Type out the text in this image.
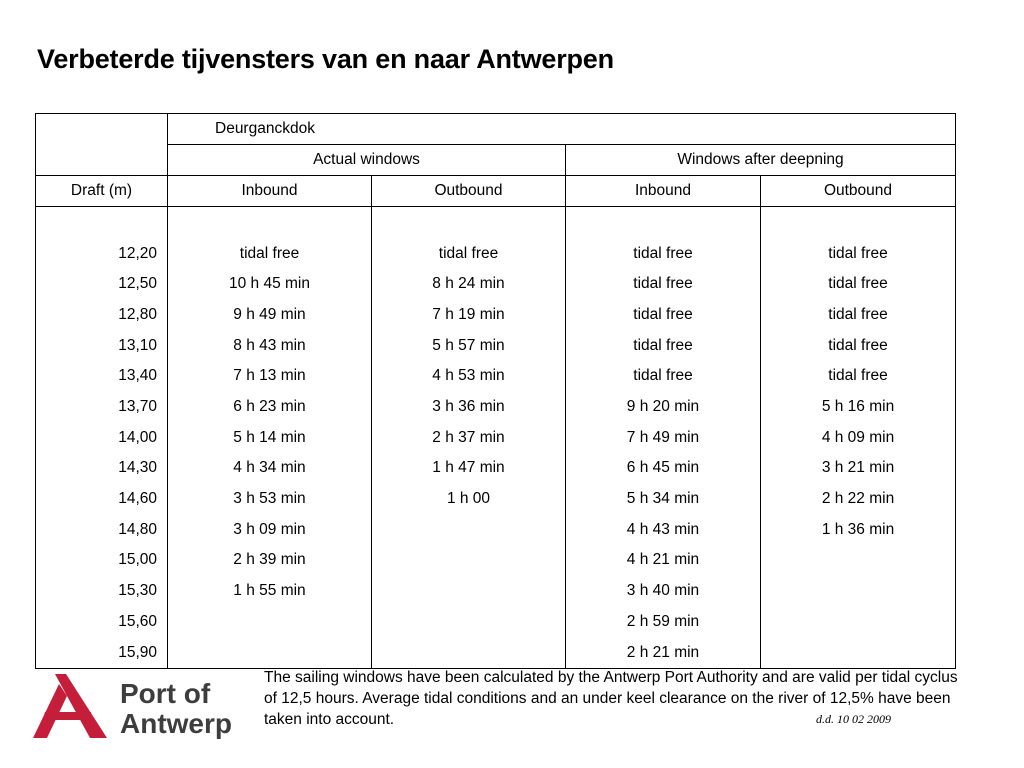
Verbeterde tijvensters van en naar Antwerpen
	Deurganckdok			
	Actual windows		Windows after deepning	
Draft (m)	Inbound	Outbound	Inbound	Outbound
12,20	tidal free	tidal free	tidal free	tidal free
12,50	10 h 45 min	8 h 24 min	tidal free	tidal free
12,80	9 h 49 min	7 h 19 min	tidal free	tidal free
13,10	8 h 43 min	5 h 57 min	tidal free	tidal free
13,40	7 h 13 min	4 h 53 min	tidal free	tidal free
13,70	6 h 23 min	3 h 36 min	9 h 20 min	5 h 16 min
14,00	5 h 14 min	2 h 37 min	7 h 49 min	4 h 09 min
14,30	4 h 34 min	1 h 47 min	6 h 45 min	3 h 21 min
14,60	3 h 53 min	1 h 00	5 h 34 min	2 h 22 min
14,80	3 h 09 min		4 h 43 min	1 h 36 min
15,00	2 h 39 min		4 h 21 min	
15,30	1 h 55 min		3 h 40 min	
15,60			2 h 59 min	
15,90			2 h 21 min	
Port of
Antwerp

The sailing windows have been calculated by the Antwerp Port Authority and are valid per tidal cyclus of 12,5 hours. Average tidal conditions and an under keel clearance on the river of 12,5% have been taken into account.	d.d. 10 02 2009
